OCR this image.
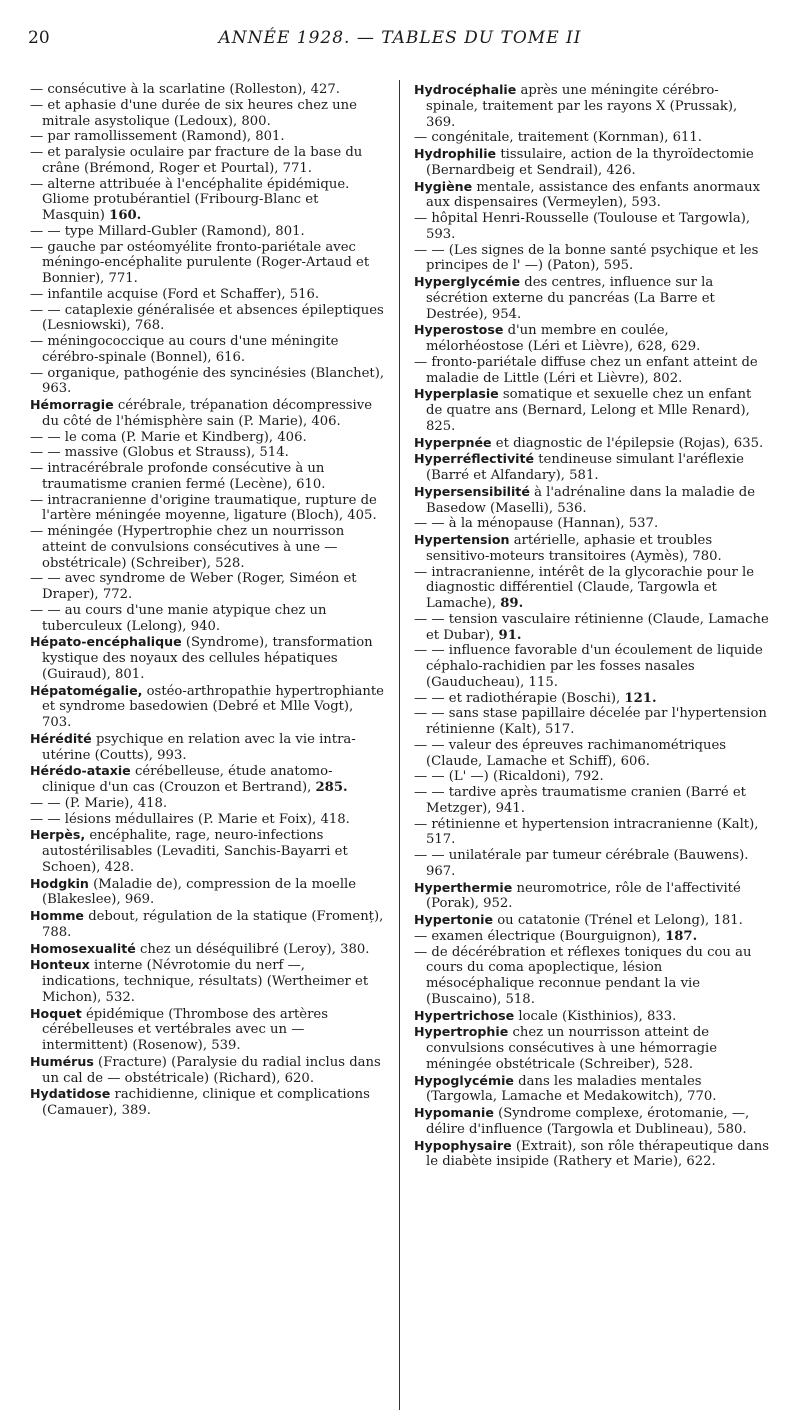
20	ANNÉE 1928. — TABLES DU TOME II

— consécutive à la scarlatine (Rolleston), 427.

— et aphasie d'une durée de six heures chez une mitrale asystolique (Ledoux), 800.

— par ramollissement (Ramond), 801.

— et paralysie oculaire par fracture de la base du crâne (Brémond, Roger et Pourtal), 771.

— alterne attribuée à l'encéphalite épidémique. Gliome protubérantiel (Fribourg-Blanc et Masquin) 160.

— — type Millard-Gubler (Ramond), 801.

— gauche par ostéomyélite fronto-pariétale avec méningo-encéphalite purulente (Roger-Artaud et Bonnier), 771.

— infantile acquise (Ford et Schaffer), 516.

— — cataplexie généralisée et absences épileptiques (Lesniowski), 768.

— méningococcique au cours d'une méningite cérébro-spinale (Bonnel), 616.

— organique, pathogénie des syncinésies (Blanchet), 963.

Hémorragie cérébrale, trépanation décompressive du côté de l'hémisphère sain (P. Marie), 406.

— — le coma (P. Marie et Kindberg), 406.

— — massive (Globus et Strauss), 514.

— intracérébrale profonde consécutive à un traumatisme cranien fermé (Lecène), 610.

— intracranienne d'origine traumatique, rupture de l'artère méningée moyenne, ligature (Bloch), 405.

— méningée (Hypertrophie chez un nourrisson atteint de convulsions consécutives à une — obstétricale) (Schreiber), 528.

— — avec syndrome de Weber (Roger, Siméon et Draper), 772.

— — au cours d'une manie atypique chez un tuberculeux (Lelong), 940.

Hépato-encéphalique (Syndrome), transformation kystique des noyaux des cellules hépatiques (Guiraud), 801.

Hépatomégalie, ostéo-arthropathie hypertrophiante et syndrome basedowien (Debré et Mlle Vogt), 703.

Hérédité psychique en relation avec la vie intra-utérine (Coutts), 993.

Hérédo-ataxie cérébelleuse, étude anatomo-clinique d'un cas (Crouzon et Bertrand), 285.

— — (P. Marie), 418.

— — lésions médullaires (P. Marie et Foix), 418.

Herpès, encéphalite, rage, neuro-infections autostérilisables (Levaditi, Sanchis-Bayarri et Schoen), 428.

Hodgkin (Maladie de), compression de la moelle (Blakeslee), 969.

Homme debout, régulation de la statique (Fromenț), 788.

Homosexualité chez un déséquilibré (Leroy), 380.

Honteux interne (Névrotomie du nerf —, indications, technique, résultats) (Wertheimer et Michon), 532.

Hoquet épidémique (Thrombose des artères cérébelleuses et vertébrales avec un — intermittent) (Rosenow), 539.

Humérus (Fracture) (Paralysie du radial inclus dans un cal de — obstétricale) (Richard), 620.

Hydatidose rachidienne, clinique et complications (Camauer), 389.

Hydrocéphalie après une méningite cérébro-spinale, traitement par les rayons X (Prussak), 369.

— congénitale, traitement (Kornman), 611.

Hydrophilie tissulaire, action de la thyroïdectomie (Bernardbeig et Sendrail), 426.

Hygiène mentale, assistance des enfants anormaux aux dispensaires (Vermeylen), 593.

— hôpital Henri-Rousselle (Toulouse et Targowla), 593.

— — (Les signes de la bonne santé psychique et les principes de l' —) (Paton), 595.

Hyperglycémie des centres, influence sur la sécrétion externe du pancréas (La Barre et Destrée), 954.

Hyperostose d'un membre en coulée, mélorhéostose (Léri et Lièvre), 628, 629.

— fronto-pariétale diffuse chez un enfant atteint de maladie de Little (Léri et Lièvre), 802.

Hyperplasie somatique et sexuelle chez un enfant de quatre ans (Bernard, Lelong et Mlle Renard), 825.

Hyperpnée et diagnostic de l'épilepsie (Rojas), 635.

Hyperréflectivité tendineuse simulant l'aréflexie (Barré et Alfandary), 581.

Hypersensibilité à l'adrénaline dans la maladie de Basedow (Maselli), 536.

— — à la ménopause (Hannan), 537.

Hypertension artérielle, aphasie et troubles sensitivo-moteurs transitoires (Aymès), 780.

— intracranienne, intérêt de la glycorachie pour le diagnostic différentiel (Claude, Targowla et Lamache), 89.

— — tension vasculaire rétinienne (Claude, Lamache et Dubar), 91.

— — influence favorable d'un écoulement de liquide céphalo-rachidien par les fosses nasales (Gauducheau), 115.

— — et radiothérapie (Boschi), 121.

— — sans stase papillaire décelée par l'hypertension rétinienne (Kalt), 517.

— — valeur des épreuves rachimanométriques (Claude, Lamache et Schiff), 606.

— — (L' —) (Ricaldoni), 792.

— — tardive après traumatisme cranien (Barré et Metzger), 941.

— rétinienne et hypertension intracranienne (Kalt), 517.

— — unilatérale par tumeur cérébrale (Bauwens). 967.

Hyperthermie neuromotrice, rôle de l'affectivité (Porak), 952.

Hypertonie ou catatonie (Trénel et Lelong), 181.

— examen électrique (Bourguignon), 187.

— de décérébration et réflexes toniques du cou au cours du coma apoplectique, lésion mésocéphalique reconnue pendant la vie (Buscaino), 518.

Hypertrichose locale (Kisthinios), 833.

Hypertrophie chez un nourrisson atteint de convulsions consécutives à une hémorragie méningée obstétricale (Schreiber), 528.

Hypoglycémie dans les maladies mentales (Targowla, Lamache et Medakowitch), 770.

Hypomanie (Syndrome complexe, érotomanie, —, délire d'influence (Targowla et Dublineau), 580.

Hypophysaire (Extrait), son rôle thérapeutique dans le diabète insipide (Rathery et Marie), 622.
